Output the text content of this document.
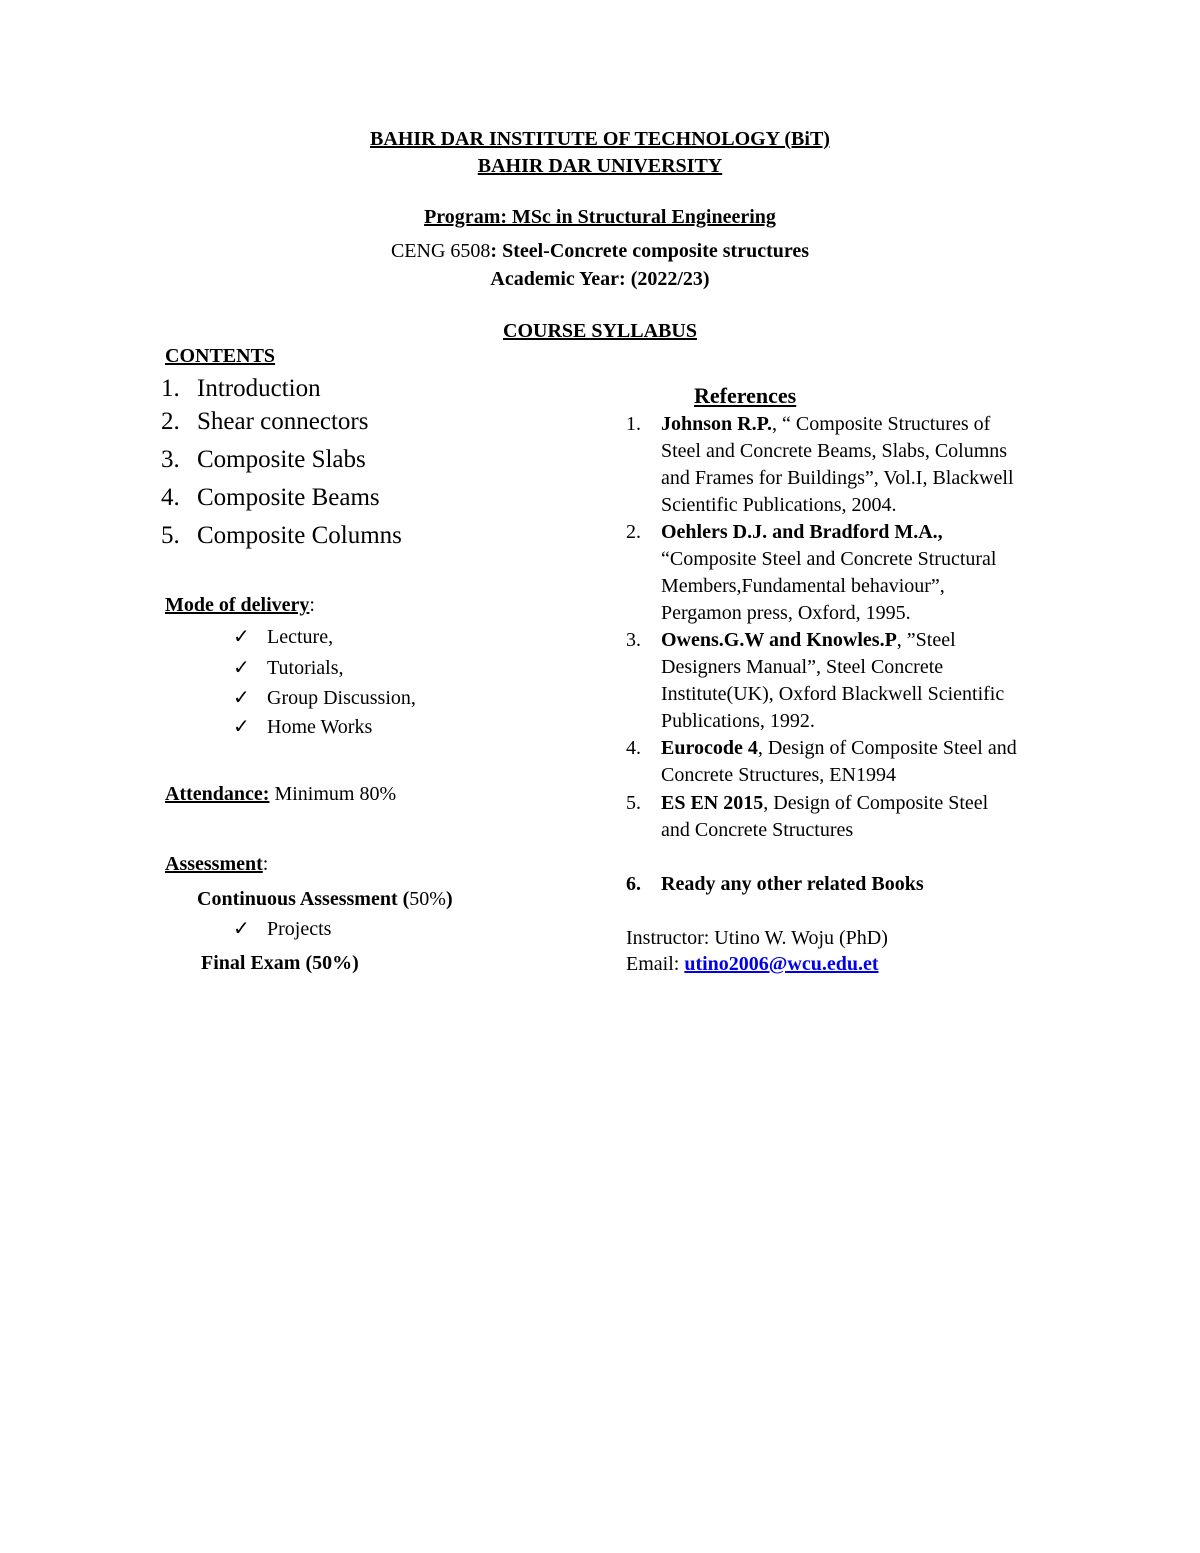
BAHIR DAR INSTITUTE OF TECHNOLOGY (BiT)
BAHIR DAR UNIVERSITY
Program: MSc in Structural Engineering
CENG 6508: Steel-Concrete composite structures
Academic Year: (2022/23)
COURSE SYLLABUS
CONTENTS
1. Introduction
2. Shear connectors
3. Composite Slabs
4. Composite Beams
5. Composite Columns
Mode of delivery:
✓ Lecture,
✓ Tutorials,
✓ Group Discussion,
✓ Home Works
Attendance: Minimum 80%
Assessment:
Continuous Assessment (50%)
✓ Projects
Final Exam (50%)
References
1. Johnson R.P., “ Composite Structures of
Steel and Concrete Beams, Slabs, Columns
and Frames for Buildings”, Vol.I, Blackwell
Scientific Publications, 2004.
2. Oehlers D.J. and Bradford M.A.,
“Composite Steel and Concrete Structural
Members,Fundamental behaviour”,
Pergamon press, Oxford, 1995.
3. Owens.G.W and Knowles.P, ”Steel
Designers Manual”, Steel Concrete
Institute(UK), Oxford Blackwell Scientific
Publications, 1992.
4. Eurocode 4, Design of Composite Steel and
Concrete Structures, EN1994
5. ES EN 2015, Design of Composite Steel
and Concrete Structures
6. Ready any other related Books
Instructor: Utino W. Woju (PhD)
Email: utino2006@wcu.edu.et
